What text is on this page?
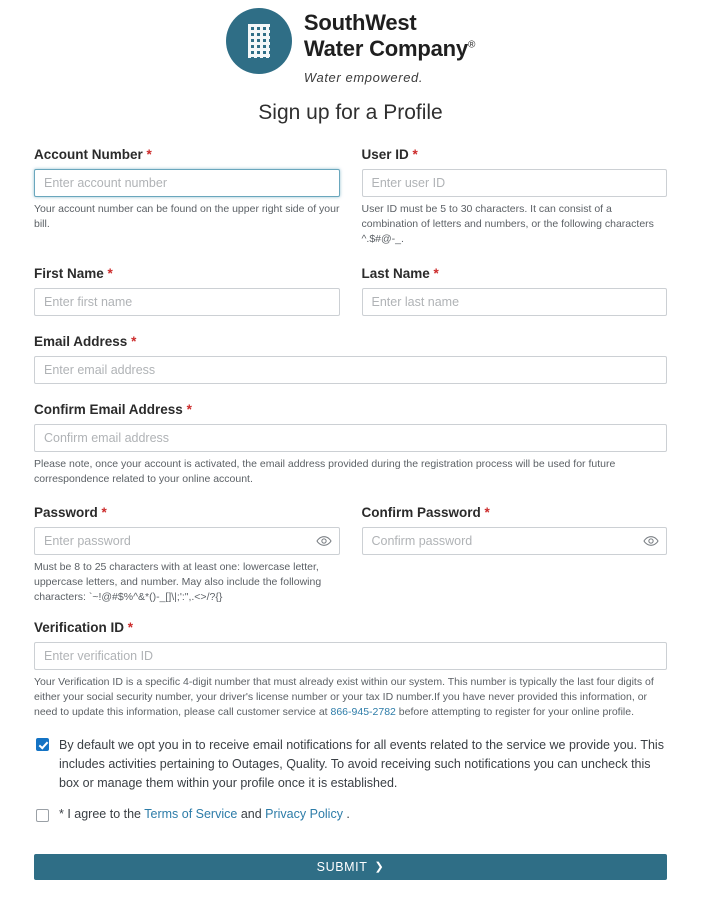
SouthWest
Water Company®
Water empowered.
Sign up for a Profile
Account Number *
Enter account number

Your account number can be found on the upper right side of your bill.

User ID *
Enter user ID

User ID must be 5 to 30 characters. It can consist of a combination of letters and numbers, or the following characters ^.$#@-_.

First Name *
Enter first name	Last Name *
Enter last name
Email Address *
Enter email address
Confirm Email Address *
Confirm email address

Please note, once your account is activated, the email address provided during the registration process will be used for future correspondence related to your online account.

Password *
Enter password

Must be 8 to 25 characters with at least one: lowercase letter, uppercase letters, and number. May also include the following characters: `~!@#$%^&*()-_[]\|;':",.<>/?{}

Confirm Password *
Confirm password
Verification ID *
Enter verification ID

Your Verification ID is a specific 4-digit number that must already exist within our system. This number is typically the last four digits of either your social security number, your driver's license number or your tax ID number.If you have never provided this information, or need to update this information, please call customer service at 866-945-2782 before attempting to register for your online profile.

By default we opt you in to receive email notifications for all events related to the service we provide you. This includes activities pertaining to Outages, Quality. To avoid receiving such notifications you can uncheck this box or manage them within your profile once it is established.
* I agree to the Terms of Service and Privacy Policy .
SUBMIT ❯
